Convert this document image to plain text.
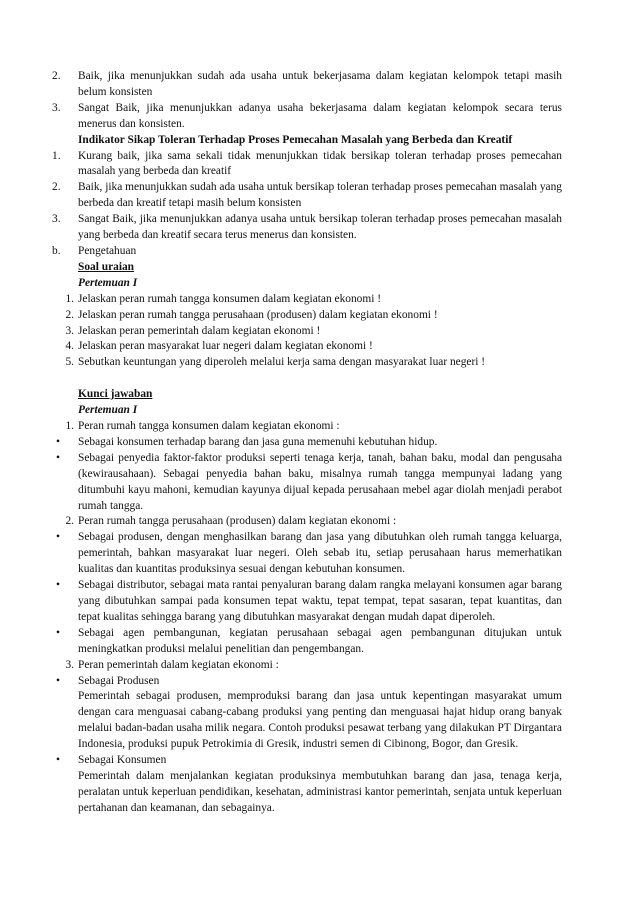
2.	Baik, jika menunjukkan sudah ada usaha untuk bekerjasama dalam kegiatan kelompok tetapi masih belum konsisten
3.	Sangat Baik, jika menunjukkan adanya usaha bekerjasama dalam kegiatan kelompok secara terus menerus dan konsisten.
Indikator Sikap Toleran Terhadap Proses Pemecahan Masalah yang Berbeda dan Kreatif
1.	Kurang baik, jika sama sekali tidak menunjukkan tidak bersikap toleran terhadap proses pemecahan masalah yang berbeda dan kreatif
2.	Baik, jika menunjukkan sudah ada usaha untuk bersikap toleran terhadap proses pemecahan masalah yang berbeda dan kreatif tetapi masih belum konsisten
3.	Sangat Baik, jika menunjukkan adanya usaha untuk bersikap toleran terhadap proses pemecahan masalah yang berbeda dan kreatif secara terus menerus dan konsisten.
b.	Pengetahuan
Soal uraian
Pertemuan I
1. Jelaskan peran rumah tangga konsumen dalam kegiatan ekonomi !
2. Jelaskan peran rumah tangga perusahaan (produsen) dalam kegiatan ekonomi !
3. Jelaskan peran pemerintah dalam kegiatan ekonomi !
4. Jelaskan peran masyarakat luar negeri dalam kegiatan ekonomi !
5. Sebutkan keuntungan yang diperoleh melalui kerja sama dengan masyarakat luar negeri !
Kunci jawaban
Pertemuan I
1. Peran rumah tangga konsumen dalam kegiatan ekonomi :
•	Sebagai konsumen terhadap barang dan jasa guna memenuhi kebutuhan hidup.
•	Sebagai penyedia faktor-faktor produksi seperti tenaga kerja, tanah, bahan baku, modal dan pengusaha (kewirausahaan). Sebagai penyedia bahan baku, misalnya rumah tangga mempunyai ladang yang ditumbuhi kayu mahoni, kemudian kayunya dijual kepada perusahaan mebel agar diolah menjadi perabot rumah tangga.
2. Peran rumah tangga perusahaan (produsen) dalam kegiatan ekonomi :
•	Sebagai produsen, dengan menghasilkan barang dan jasa yang dibutuhkan oleh rumah tangga keluarga, pemerintah, bahkan masyarakat luar negeri. Oleh sebab itu, setiap perusahaan harus memerhatikan kualitas dan kuantitas produksinya sesuai dengan kebutuhan konsumen.
•	Sebagai distributor, sebagai mata rantai penyaluran barang dalam rangka melayani konsumen agar barang yang dibutuhkan sampai pada konsumen tepat waktu, tepat tempat, tepat sasaran, tepat kuantitas, dan tepat kualitas sehingga barang yang dibutuhkan masyarakat dengan mudah dapat diperoleh.
•	Sebagai agen pembangunan, kegiatan perusahaan sebagai agen pembangunan ditujukan untuk meningkatkan produksi melalui penelitian dan pengembangan.
3. Peran pemerintah dalam kegiatan ekonomi :
•	Sebagai Produsen
Pemerintah sebagai produsen, memproduksi barang dan jasa untuk kepentingan masyarakat umum dengan cara menguasai cabang-cabang produksi yang penting dan menguasai hajat hidup orang banyak melalui badan-badan usaha milik negara. Contoh produksi pesawat terbang yang dilakukan PT Dirgantara Indonesia, produksi pupuk Petrokimia di Gresik, industri semen di Cibinong, Bogor, dan Gresik.
•	Sebagai Konsumen
Pemerintah dalam menjalankan kegiatan produksinya membutuhkan barang dan jasa, tenaga kerja, peralatan untuk keperluan pendidikan, kesehatan, administrasi kantor pemerintah, senjata untuk keperluan pertahanan dan keamanan, dan sebagainya.
